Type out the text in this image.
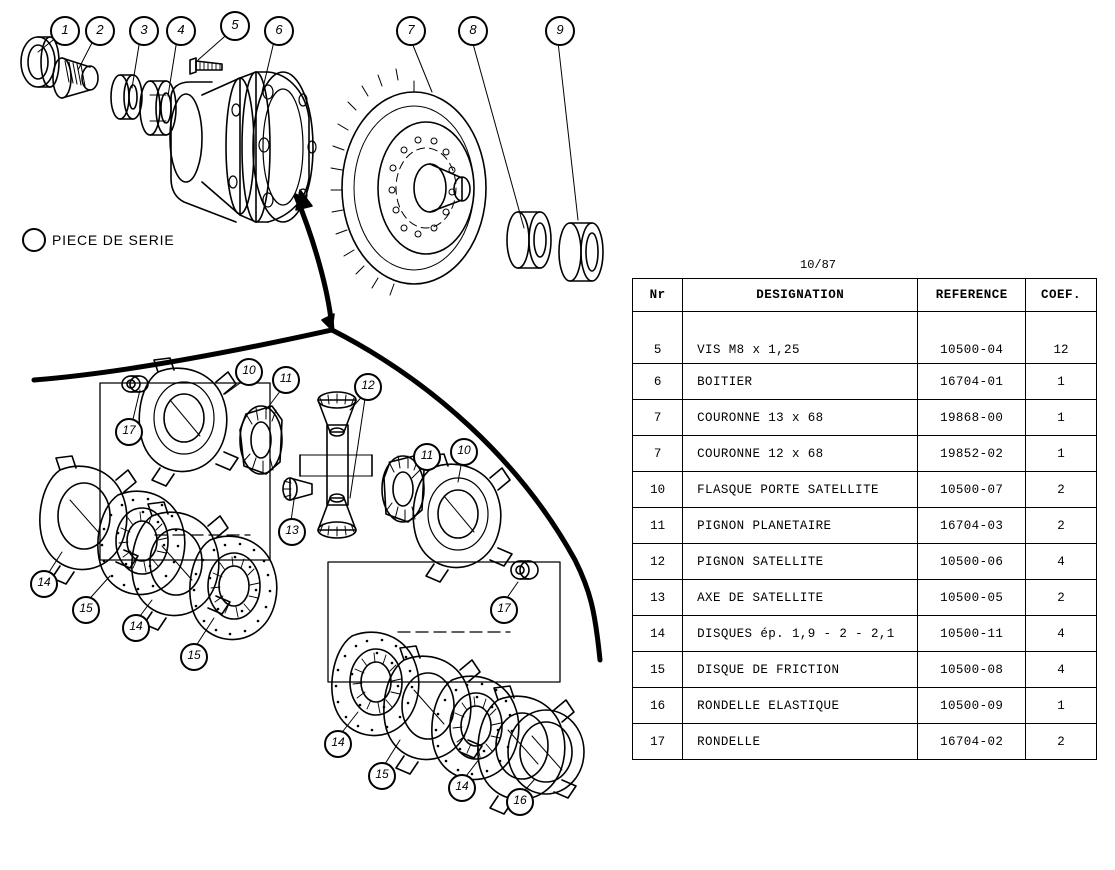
1	2	3	4	5	6	7	8	9
10
11	12
17
13
11	10
17
14
15
14
15
14
15
14
16
PIECE DE SERIE
10/87
Nr	DESIGNATION	REFERENCE	COEF.
5	VIS M8 x 1,25	10500-04	12
6	BOITIER	16704-01	1
7	COURONNE 13 x 68	19868-00	1
7	COURONNE 12 x 68	19852-02	1
10	FLASQUE PORTE SATELLITE	10500-07	2
11	PIGNON PLANETAIRE	16704-03	2
12	PIGNON SATELLITE	10500-06	4
13	AXE DE SATELLITE	10500-05	2
14	DISQUES ép. 1,9 - 2 - 2,1	10500-11	4
15	DISQUE DE FRICTION	10500-08	4
16	RONDELLE ELASTIQUE	10500-09	1
17	RONDELLE	16704-02	2
